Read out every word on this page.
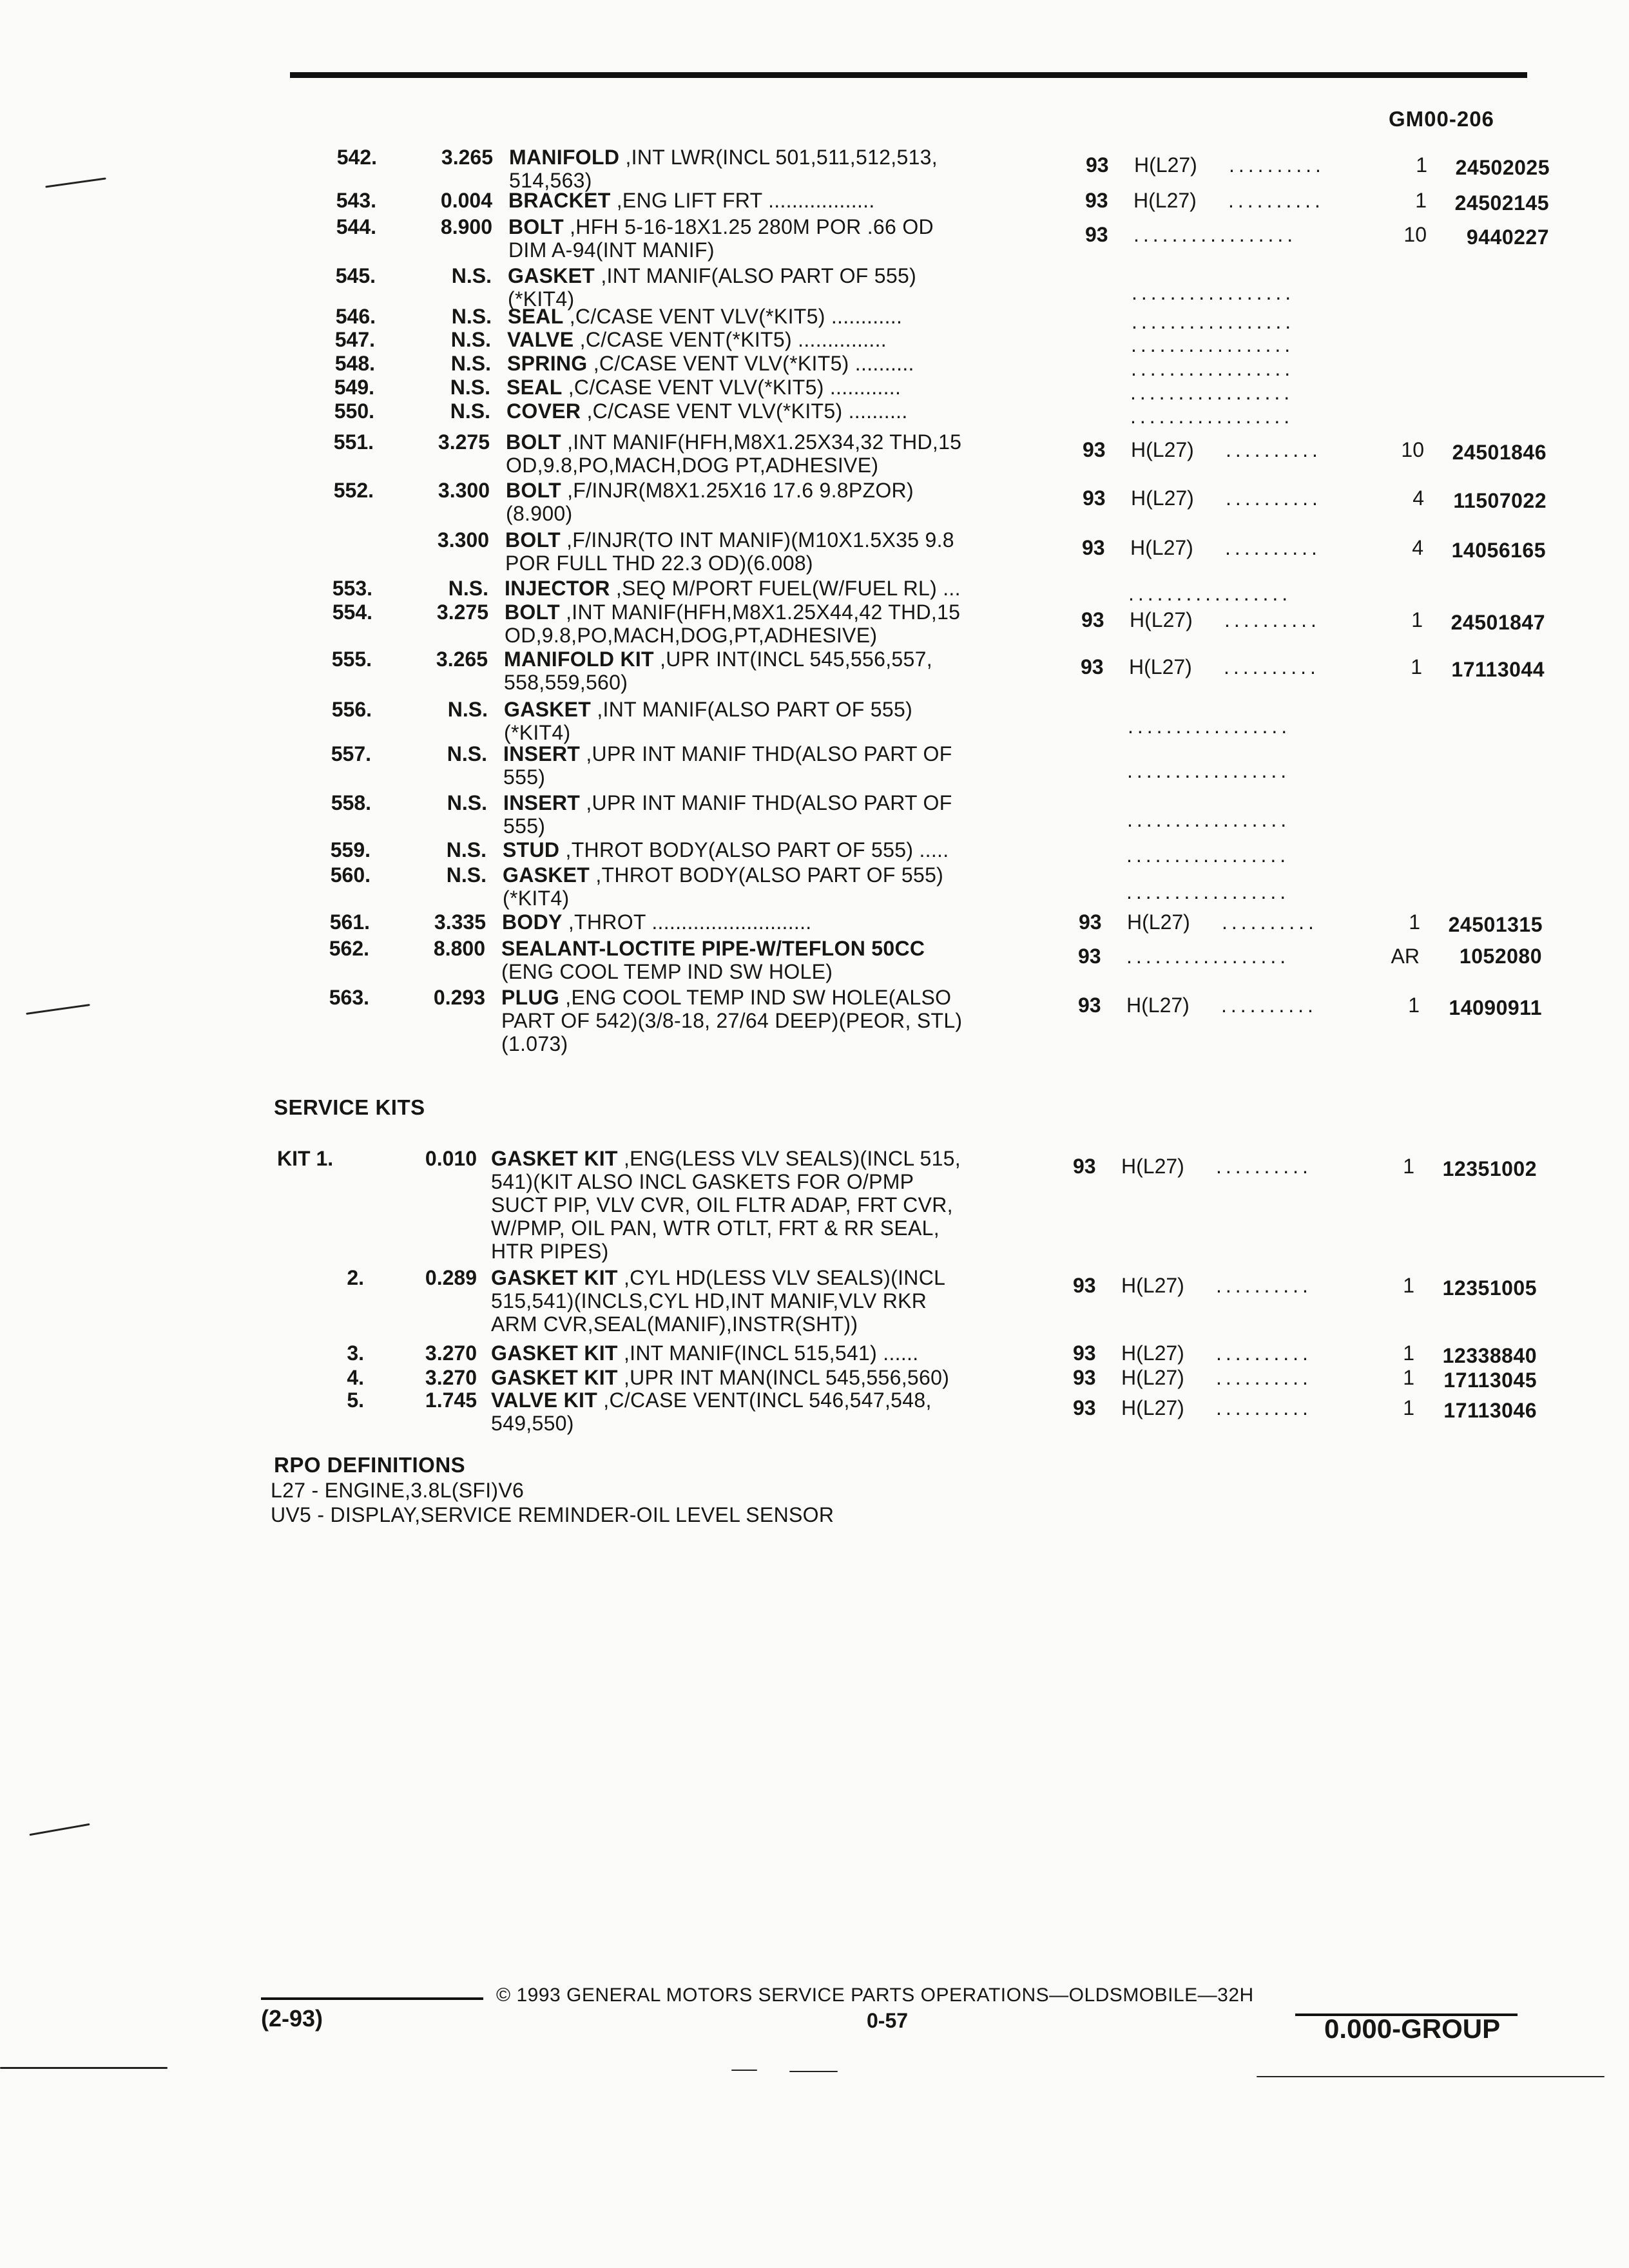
GM00-206
542.	3.265 MANIFOLD ,INT LWR(INCL 501,511,512,513,
514,563)
93 H(L27) ..........	1	24502025
543.	0.004 BRACKET ,ENG LIFT FRT ..................	93 H(L27) ..........	1	24502145
544.	8.900 BOLT ,HFH 5-16-18X1.25 280M POR .66 OD
DIM A-94(INT MANIF)
93 .................	10	9440227
545.	N.S. GASKET ,INT MANIF(ALSO PART OF 555)
(*KIT4)	.................
546.	N.S. SEAL ,C/CASE VENT VLV(*KIT5) ............	.................
547.	N.S. VALVE ,C/CASE VENT(*KIT5) ...............	.................
548.	N.S. SPRING ,C/CASE VENT VLV(*KIT5) ..........	.................
549.	N.S. SEAL ,C/CASE VENT VLV(*KIT5) ............	.................
550.	N.S. COVER ,C/CASE VENT VLV(*KIT5) ..........	.................
551.	3.275 BOLT ,INT MANIF(HFH,M8X1.25X34,32 THD,15
OD,9.8,PO,MACH,DOG PT,ADHESIVE)
93 H(L27) ..........	10	24501846
552.	3.300 BOLT ,F/INJR(M8X1.25X16 17.6 9.8PZOR)
(8.900)
93 H(L27) ..........	4	11507022
3.300 BOLT ,F/INJR(TO INT MANIF)(M10X1.5X35 9.8
POR FULL THD 22.3 OD)(6.008)
93 H(L27) ..........	4	14056165
553.	N.S. INJECTOR ,SEQ M/PORT FUEL(W/FUEL RL) ...	.................
554.	3.275 BOLT ,INT MANIF(HFH,M8X1.25X44,42 THD,15
OD,9.8,PO,MACH,DOG,PT,ADHESIVE)
93 H(L27) ..........	1	24501847
555.	3.265 MANIFOLD KIT ,UPR INT(INCL 545,556,557,
558,559,560)
93 H(L27) ..........	1	17113044
556.	N.S. GASKET ,INT MANIF(ALSO PART OF 555)
(*KIT4)	.................
557.	N.S. INSERT ,UPR INT MANIF THD(ALSO PART OF
555)	.................
558.	N.S. INSERT ,UPR INT MANIF THD(ALSO PART OF
555)	.................
559.	N.S. STUD ,THROT BODY(ALSO PART OF 555) .....	.................
560.	N.S. GASKET ,THROT BODY(ALSO PART OF 555)
(*KIT4)	.................
561.	3.335 BODY ,THROT ...........................	93 H(L27) ..........	1	24501315
562.	8.800 SEALANT-LOCTITE PIPE-W/TEFLON 50CC
(ENG COOL TEMP IND SW HOLE)
93 .................	AR	1052080
563.	0.293 PLUG ,ENG COOL TEMP IND SW HOLE(ALSO
PART OF 542)(3/8-18, 27/64 DEEP)(PEOR, STL)
(1.073)
93 H(L27) ..........	1	14090911
KIT 1.	0.010 GASKET KIT ,ENG(LESS VLV SEALS)(INCL 515,
541)(KIT ALSO INCL GASKETS FOR O/PMP
SUCT PIP, VLV CVR, OIL FLTR ADAP, FRT CVR,
W/PMP, OIL PAN, WTR OTLT, FRT & RR SEAL,
HTR PIPES)
93 H(L27) ..........	1	12351002
2.	0.289 GASKET KIT ,CYL HD(LESS VLV SEALS)(INCL
515,541)(INCLS,CYL HD,INT MANIF,VLV RKR
ARM CVR,SEAL(MANIF),INSTR(SHT))
93 H(L27) ..........	1	12351005
3.	3.270 GASKET KIT ,INT MANIF(INCL 515,541) ......	93 H(L27) ..........	1	12338840
4.	3.270 GASKET KIT ,UPR INT MAN(INCL 545,556,560)	93 H(L27) ..........	1	17113045
5.	1.745 VALVE KIT ,C/CASE VENT(INCL 546,547,548,
549,550)
93 H(L27) ..........	1	17113046
SERVICE KITS
RPO DEFINITIONS
L27 - ENGINE,3.8L(SFI)V6
UV5 - DISPLAY,SERVICE REMINDER-OIL LEVEL SENSOR
(2-93)
© 1993 GENERAL MOTORS SERVICE PARTS OPERATIONS—OLDSMOBILE—32H
0-57	0.000-GROUP
